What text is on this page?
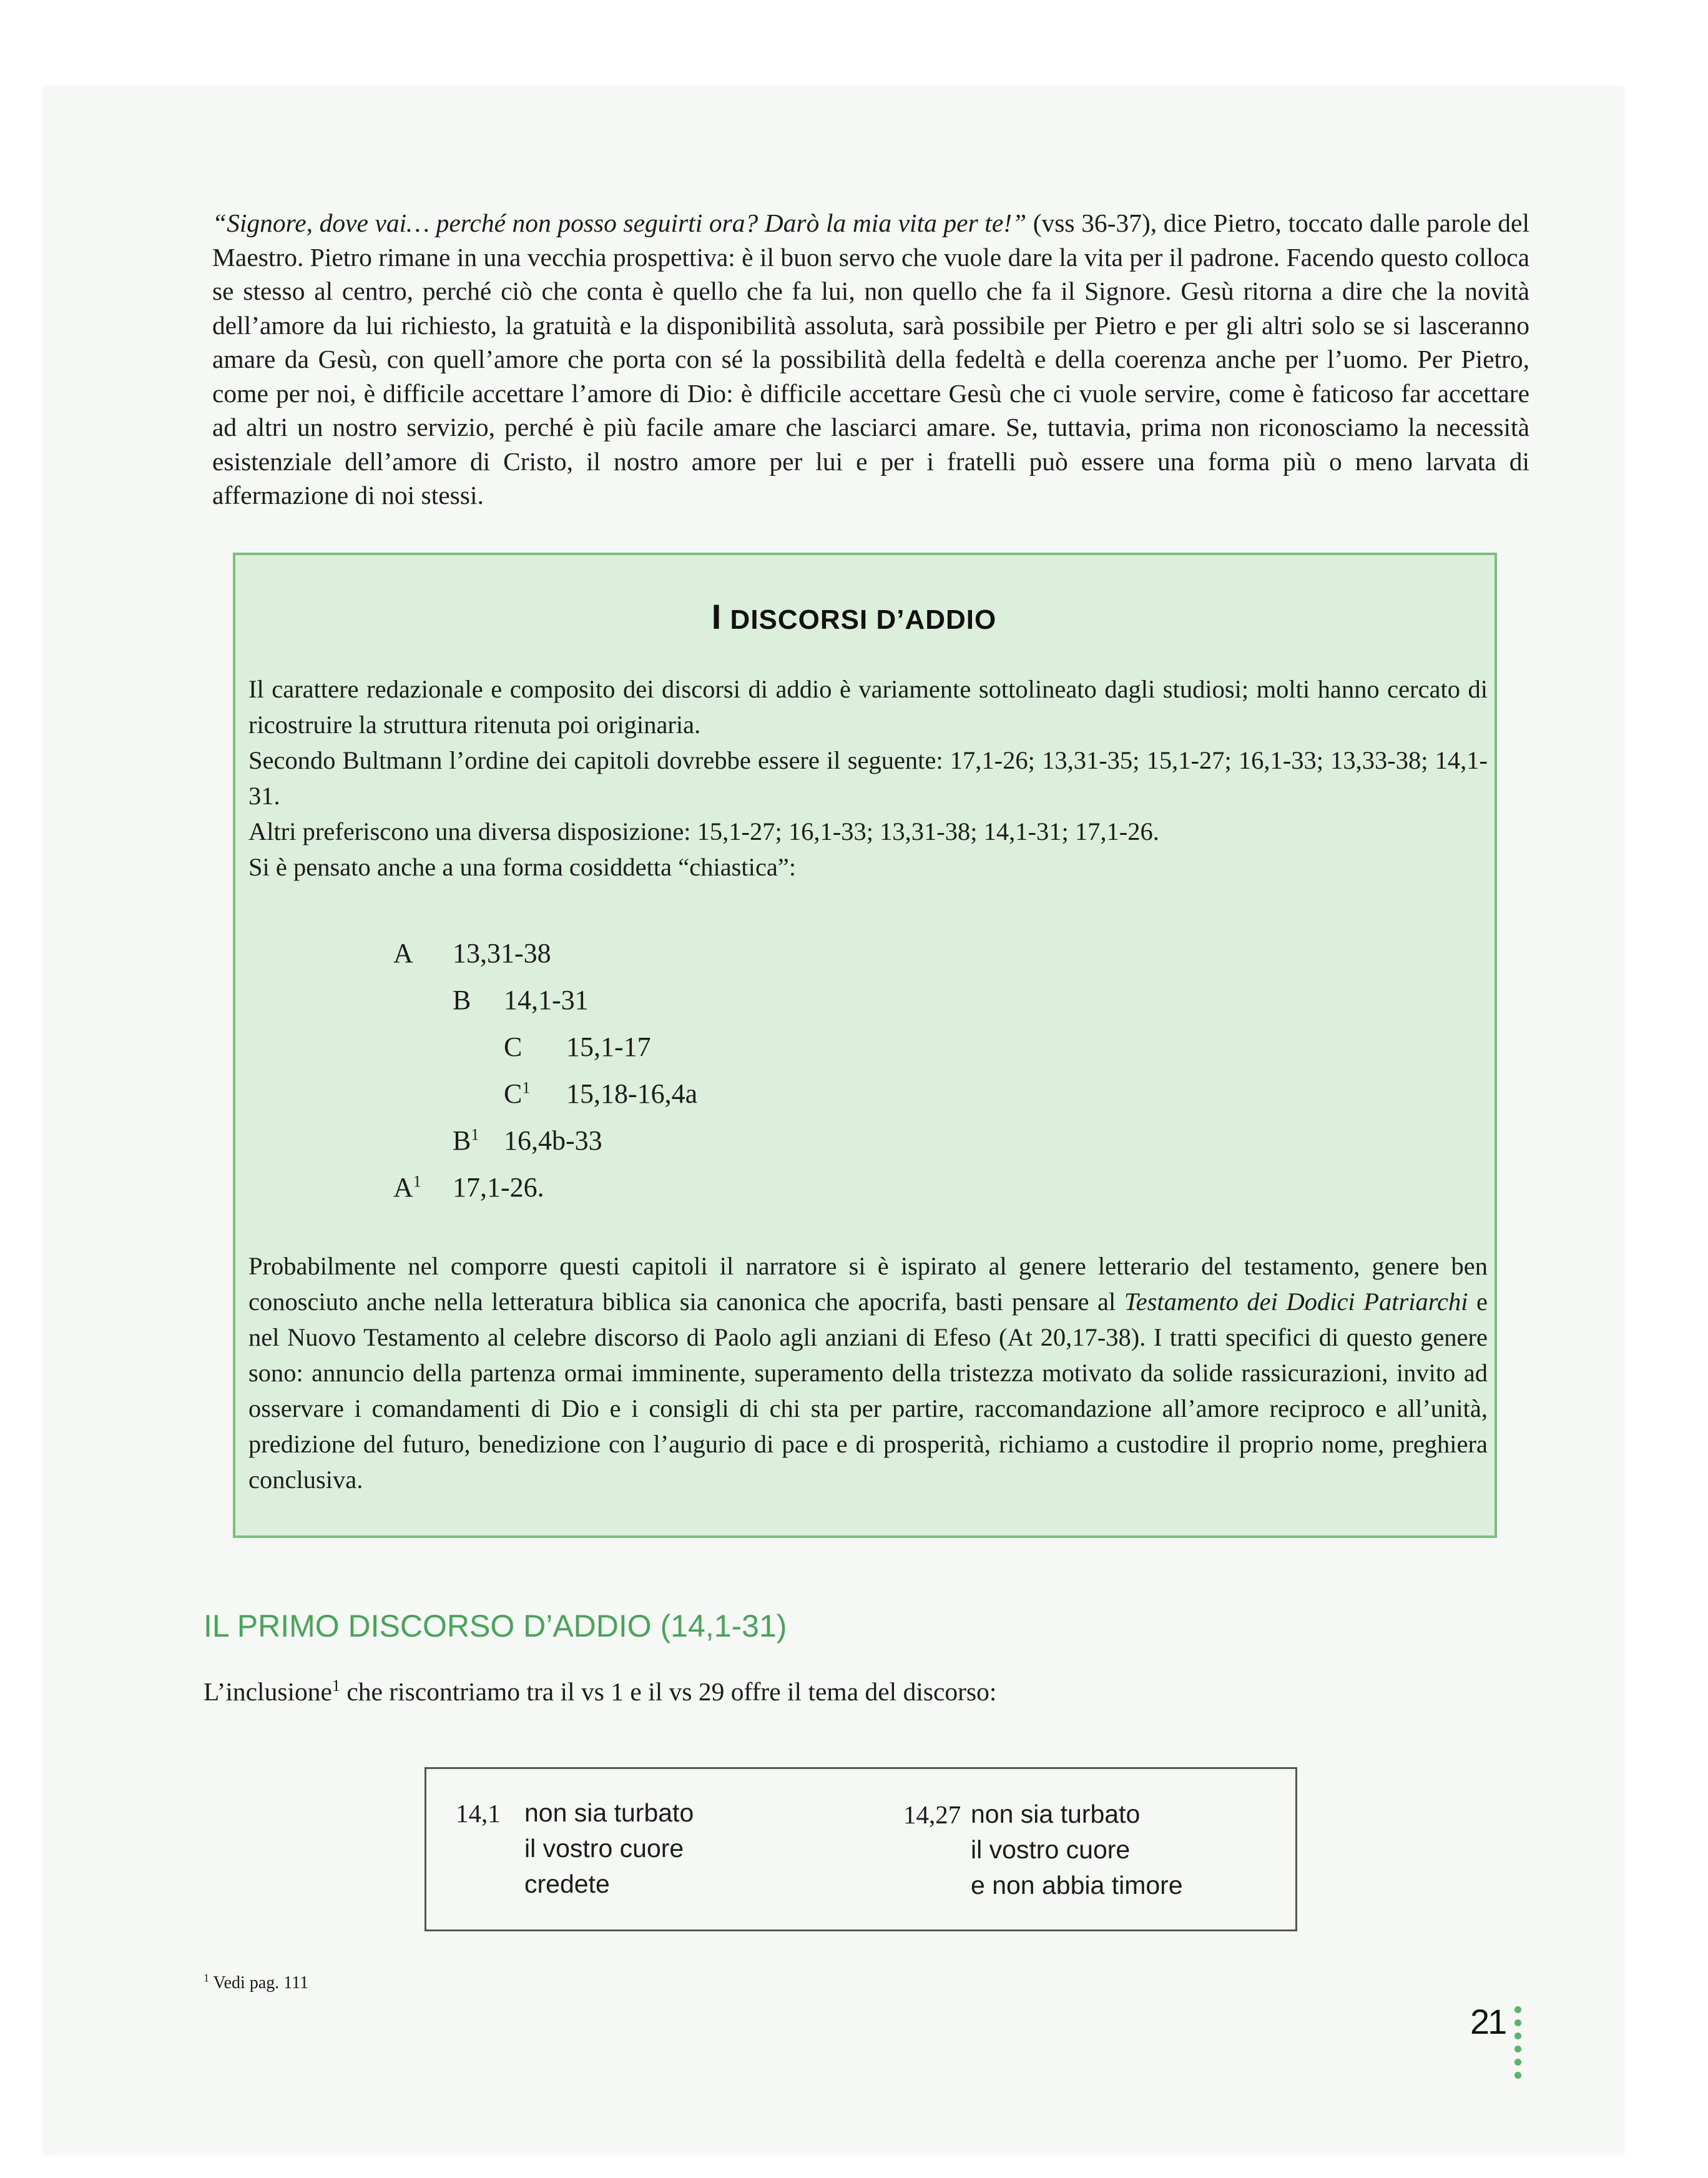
“Signore, dove vai… perché non posso seguirti ora? Darò la mia vita per te!” (vss 36-37), dice Pietro, toccato dalle parole del Maestro. Pietro rimane in una vecchia prospettiva: è il buon servo che vuole dare la vita per il padrone. Facendo questo colloca se stesso al centro, perché ciò che conta è quello che fa lui, non quello che fa il Signore. Gesù ritorna a dire che la novità dell’amore da lui richiesto, la gratuità e la disponibilità assoluta, sarà possibile per Pietro e per gli altri solo se si lasceranno amare da Gesù, con quell’amore che porta con sé la possibilità della fedeltà e della coerenza anche per l’uomo. Per Pietro, come per noi, è difficile accettare l’amore di Dio: è difficile accettare Gesù che ci vuole servire, come è faticoso far accettare ad altri un nostro servizio, perché è più facile amare che lasciarci amare. Se, tuttavia, prima non riconosciamo la necessità esistenziale dell’amore di Cristo, il nostro amore per lui e per i fratelli può essere una forma più o meno larvata di affermazione di noi stessi.

I DISCORSI D’ADDIO

Il carattere redazionale e composito dei discorsi di addio è variamente sottolineato dagli studiosi; molti hanno cercato di ricostruire la struttura ritenuta poi originaria.

Secondo Bultmann l’ordine dei capitoli dovrebbe essere il seguente: 17,1-26; 13,31-35; 15,1-27; 16,1-33; 13,33-38; 14,1-31.

Altri preferiscono una diversa disposizione: 15,1-27; 16,1-33; 13,31-38; 14,1-31; 17,1-26.
Si è pensato anche a una forma cosiddetta “chiastica”:
A 13,31-38
B 14,1-31
C 15,1-17
$C^1$ 15,18-16,4a
$B^1$ 16,4b-33
$A^1$ 17,1-26.

Probabilmente nel comporre questi capitoli il narratore si è ispirato al genere letterario del testamento, genere ben conosciuto anche nella letteratura biblica sia canonica che apocrifa, basti pensare al Testamento dei Dodici Patriarchi e nel Nuovo Testamento al celebre discorso di Paolo agli anziani di Efeso (At 20,17-38). I tratti specifici di questo genere sono: annuncio della partenza ormai imminente, superamento della tristezza motivato da solide rassicurazioni, invito ad osservare i comandamenti di Dio e i consigli di chi sta per partire, raccomandazione all’amore reciproco e all’unità, predizione del futuro, benedizione con l’augurio di pace e di prosperità, richiamo a custodire il proprio nome, preghiera conclusiva.

IL PRIMO DISCORSO D’ADDIO (14,1-31)
L’inclusione$^1$ che riscontriamo tra il vs 1 e il vs 29 offre il tema del discorso:
14,1 non sia turbato
il vostro cuore
credete
14,27 non sia turbato
il vostro cuore
e non abbia timore
$^1$ Vedi pag. 111
21
